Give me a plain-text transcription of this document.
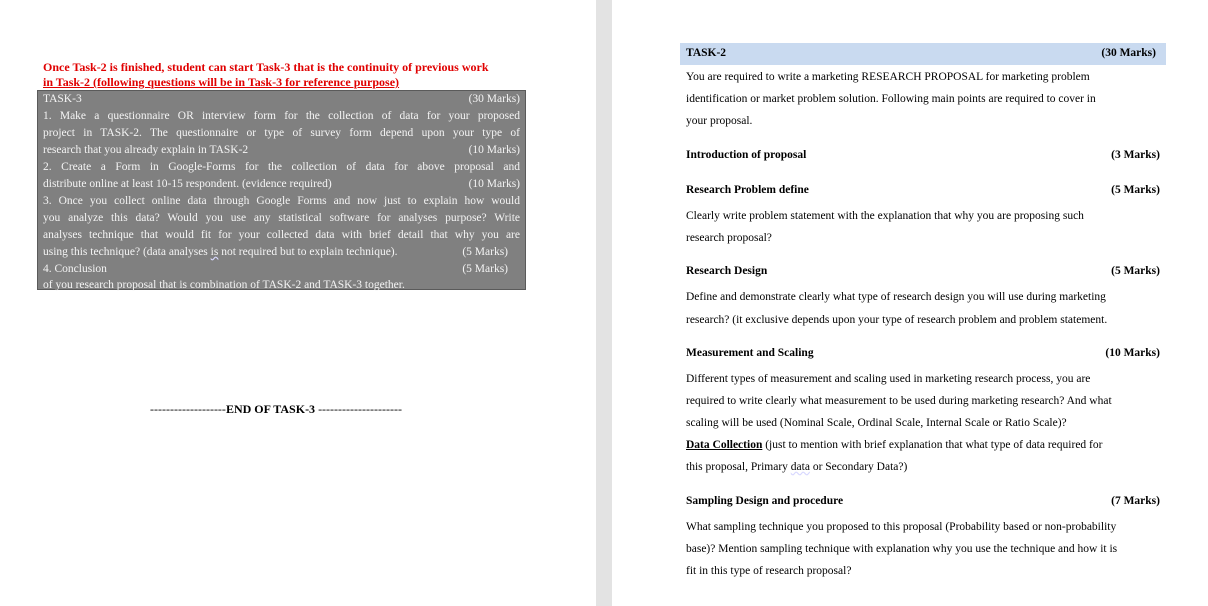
Once Task-2 is finished, student can start Task-3 that is the continuity of previous work
in Task-2 (following questions will be in Task-3 for reference purpose)
TASK-3	(30 Marks)
1. Make a questionnaire OR interview form for the collection of data for your proposed
project in TASK-2. The questionnaire or type of survey form depend upon your type of
research that you already explain in TASK-2	(10 Marks)
2. Create a Form in Google-Forms for the collection of data for above proposal and
distribute online at least 10-15 respondent. (evidence required)	(10 Marks)
3. Once you collect online data through Google Forms and now just to explain how would
you analyze this data? Would you use any statistical software for analyses purpose? Write
analyses technique that would fit for your collected data with brief detail that why you are
using this technique? (data analyses is not required but to explain technique).	(5 Marks)
4. Conclusion	(5 Marks)
of you research proposal that is combination of TASK-2 and TASK-3 together.
-------------------END OF TASK-3 ---------------------
TASK-2	(30 Marks)
You are required to write a marketing RESEARCH PROPOSAL for marketing problem
identification or market problem solution. Following main points are required to cover in
your proposal.
Introduction of proposal	(3 Marks)
Research Problem define	(5 Marks)
Clearly write problem statement with the explanation that why you are proposing such
research proposal?
Research Design	(5 Marks)
Define and demonstrate clearly what type of research design you will use during marketing
research? (it exclusive depends upon your type of research problem and problem statement.
Measurement and Scaling	(10 Marks)
Different types of measurement and scaling used in marketing research process, you are
required to write clearly what measurement to be used during marketing research? And what
scaling will be used (Nominal Scale, Ordinal Scale, Internal Scale or Ratio Scale)?
Data Collection (just to mention with brief explanation that what type of data required for
this proposal, Primary data or Secondary Data?)
Sampling Design and procedure	(7 Marks)
What sampling technique you proposed to this proposal (Probability based or non-probability
base)? Mention sampling technique with explanation why you use the technique and how it is
fit in this type of research proposal?
